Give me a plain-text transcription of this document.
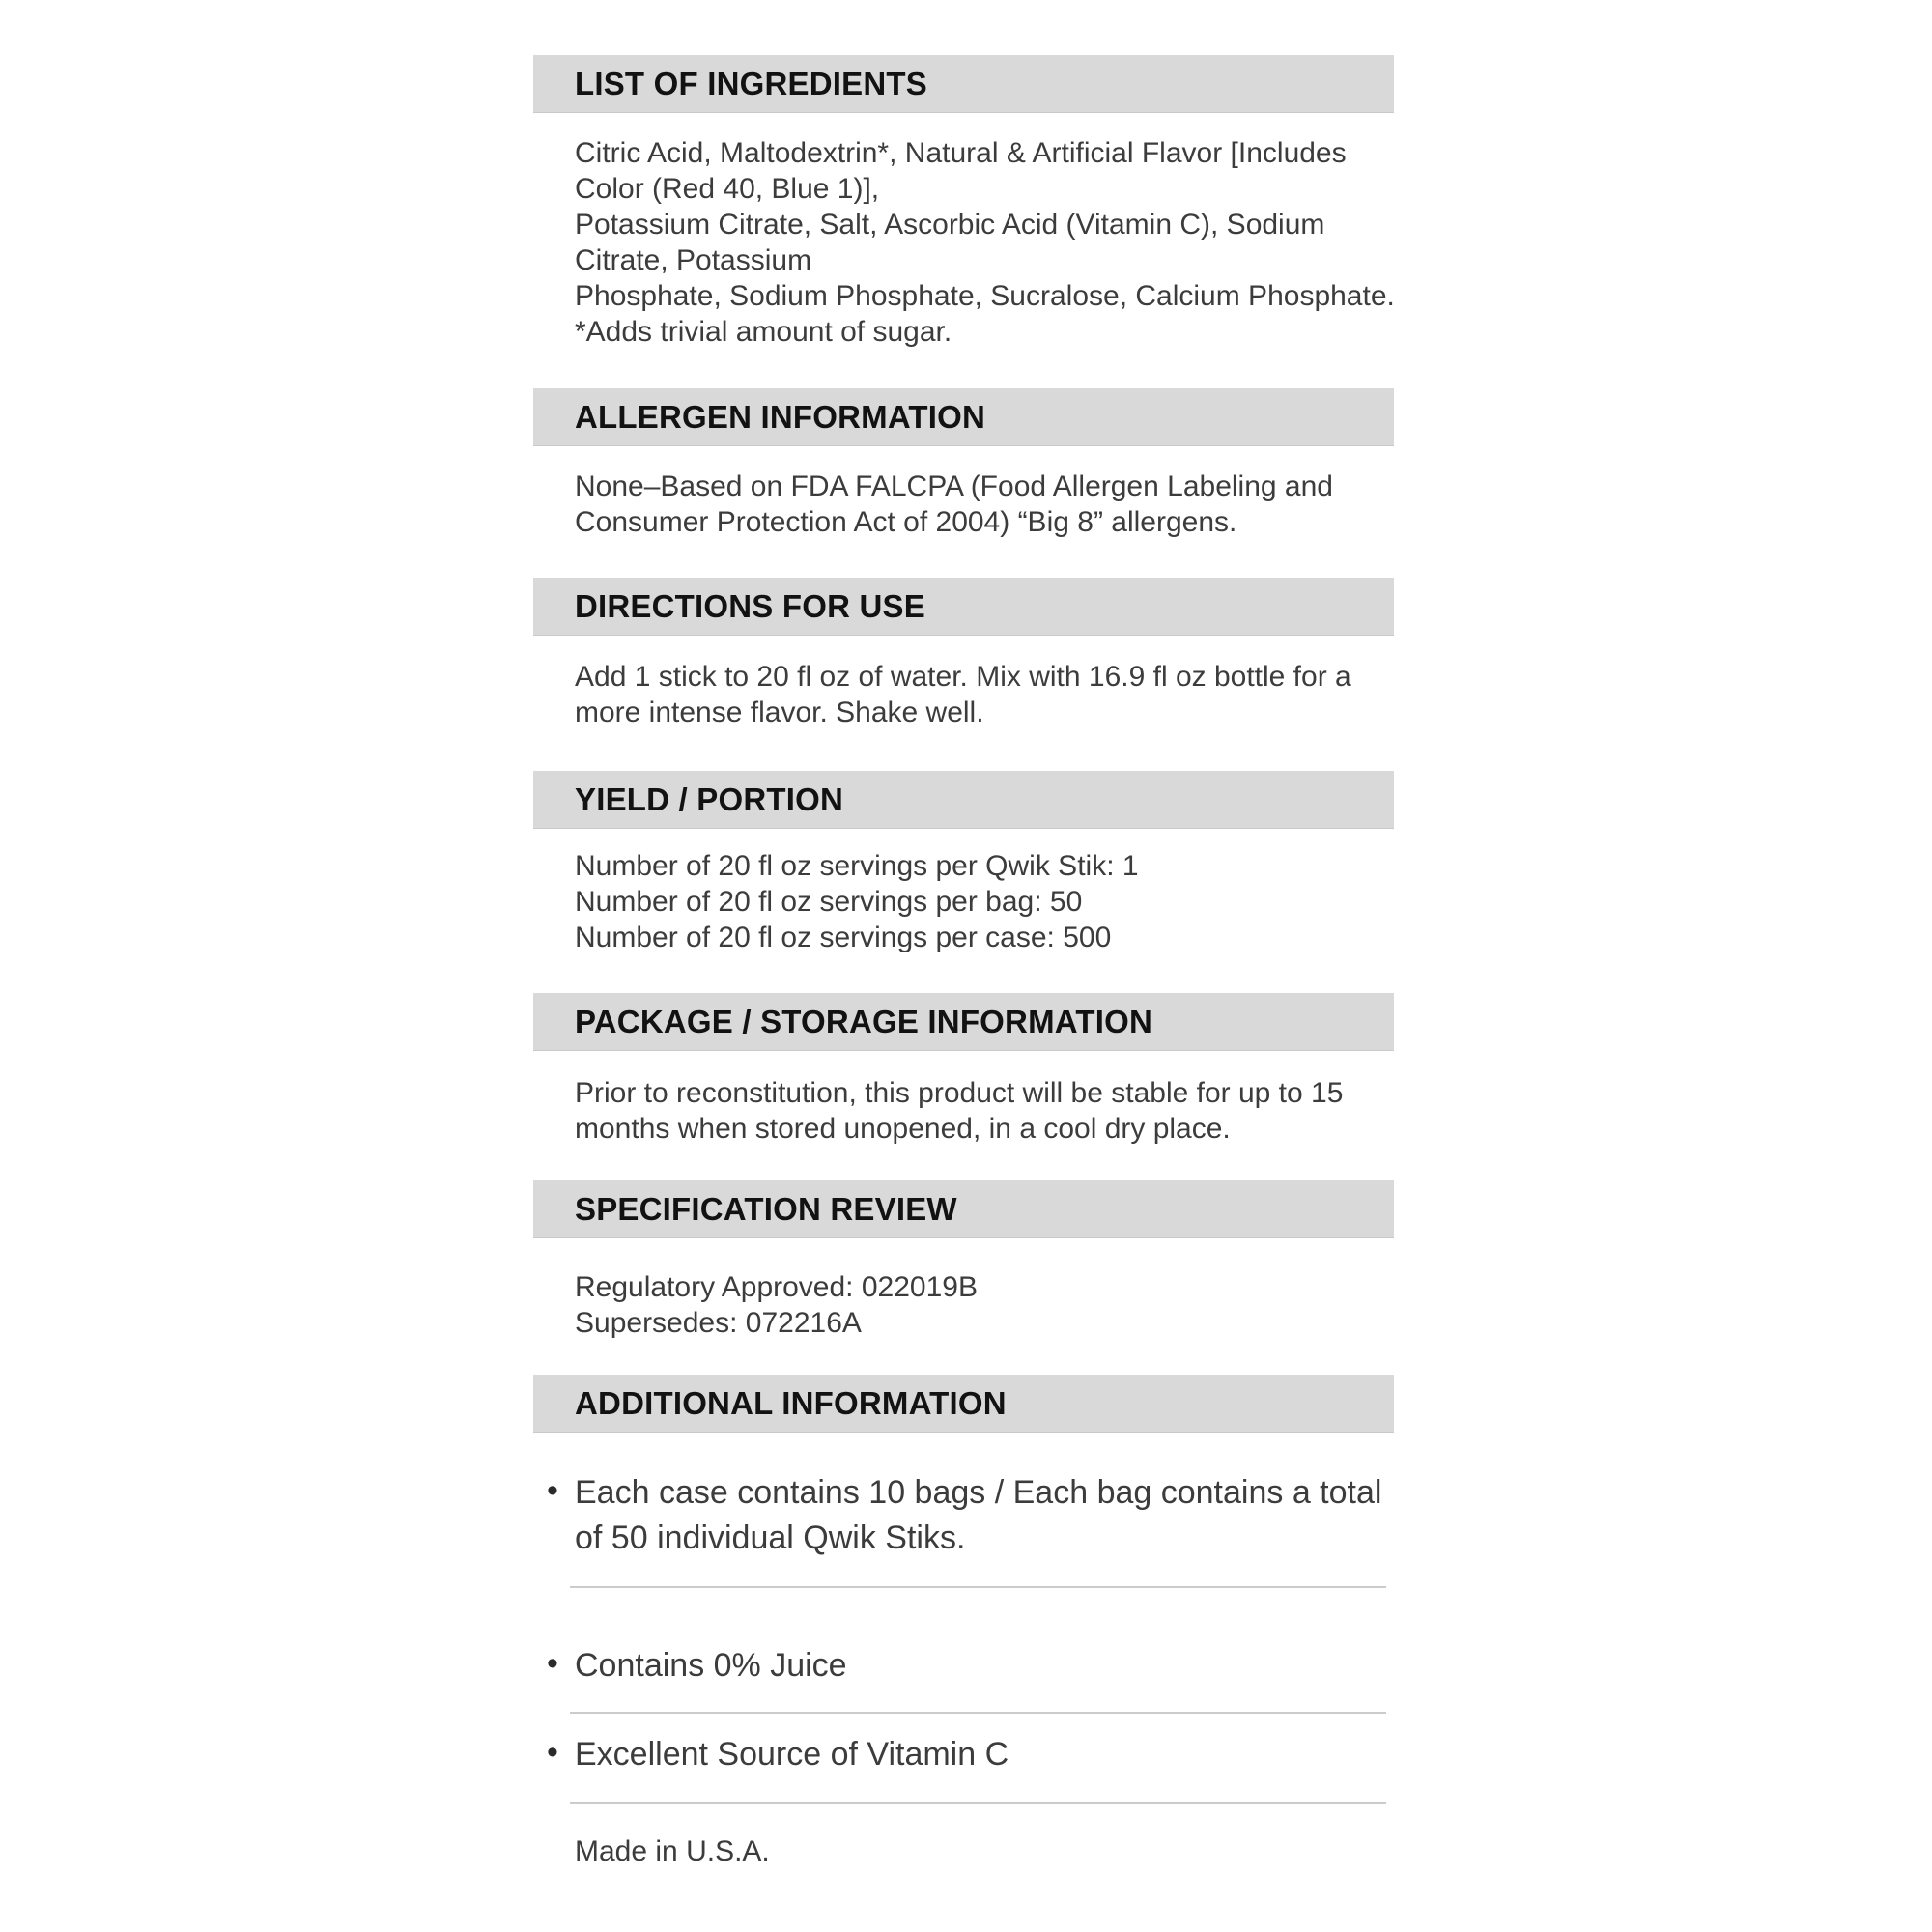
LIST OF INGREDIENTS
Citric Acid, Maltodextrin*, Natural & Artificial Flavor [Includes
Color (Red 40, Blue 1)],
Potassium Citrate, Salt, Ascorbic Acid (Vitamin C), Sodium
Citrate, Potassium
Phosphate, Sodium Phosphate, Sucralose, Calcium Phosphate.
*Adds trivial amount of sugar.
ALLERGEN INFORMATION
None–Based on FDA FALCPA (Food Allergen Labeling and
Consumer Protection Act of 2004) “Big 8” allergens.
DIRECTIONS FOR USE
Add 1 stick to 20 fl oz of water. Mix with 16.9 fl oz bottle for a
more intense flavor. Shake well.
YIELD / PORTION
Number of 20 fl oz servings per Qwik Stik: 1
Number of 20 fl oz servings per bag: 50
Number of 20 fl oz servings per case: 500
PACKAGE / STORAGE INFORMATION
Prior to reconstitution, this product will be stable for up to 15
months when stored unopened, in a cool dry place.
SPECIFICATION REVIEW
Regulatory Approved: 022019B
Supersedes: 072216A
ADDITIONAL INFORMATION
• Each case contains 10 bags / Each bag contains a total
of 50 individual Qwik Stiks.
• Contains 0% Juice
• Excellent Source of Vitamin C
Made in U.S.A.
